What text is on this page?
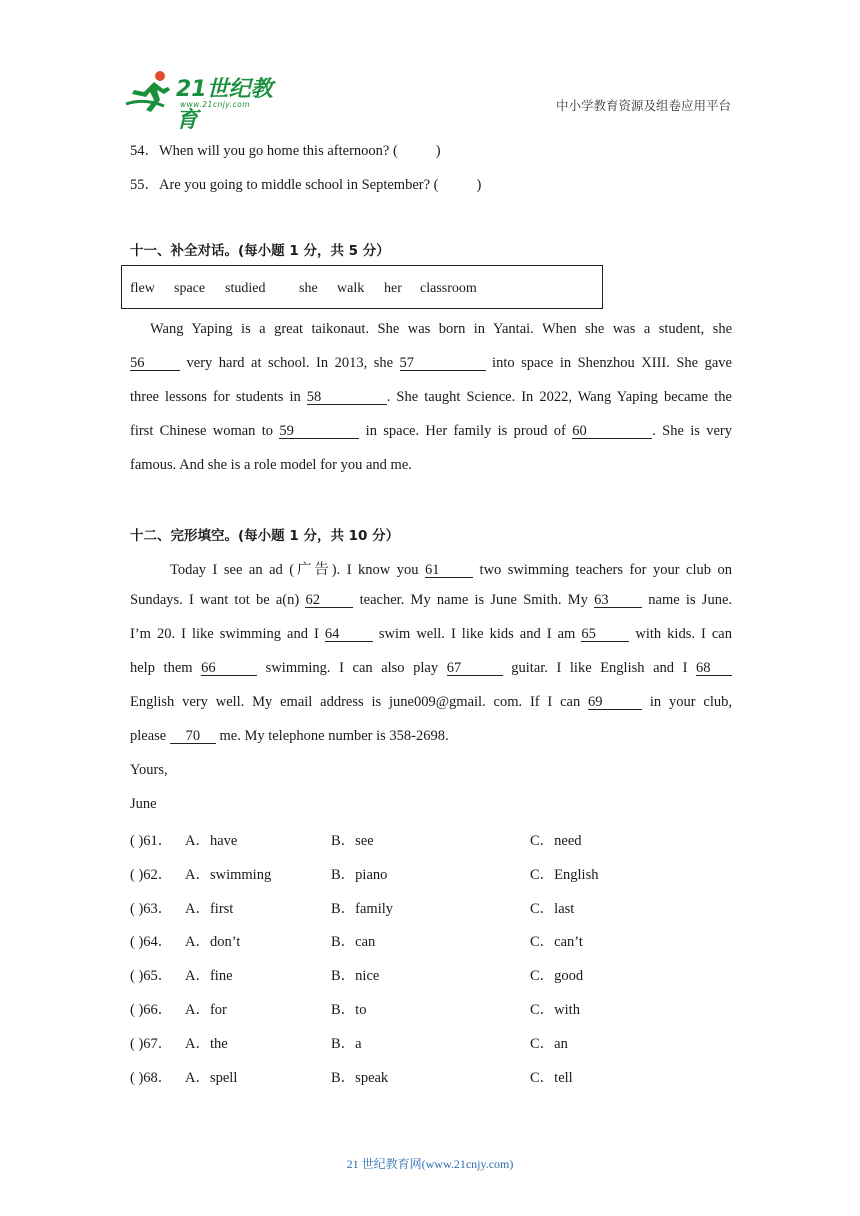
21世纪教育
www.21cnjy.com	中小学教育资源及组卷应用平台
54．When will you go home this afternoon? (	)
55．Are you going to middle school in September? (	)
十一、补全对话。(每小题 1 分，共 5 分）
flew space studied she walk her classroom
Wang Yaping is a great taikonaut. She was born in Yantai. When she was a student, she
56 very hard at school. In 2013, she 57	into space in Shenzhou XIII. She gave
three lessons for students in 58	. She taught Science. In 2022, Wang Yaping became the
first Chinese woman to 59	in space. Her family is proud of 60	. She is very
famous. And she is a role model for you and me.
十二、完形填空。(每小题 1 分，共 10 分）
Today I see an ad (广告). I know you 61 two swimming teachers for your club on
Sundays. I want tot be a(n) 62 teacher. My name is June Smith. My 63 name is June.
I’m 20. I like swimming and I 64 swim well. I like kids and I am 65 with kids. I can
help them 66	swimming. I can also play 67	guitar. I like English and I 68
English very well. My email address is june009@gmail. com. If I can 69	in your club,
please 70 me. My telephone number is 358-2698.
Yours,
June
( )61． A．have	B．see	C．need
( )62． A．swimming	B．piano	C．English
( )63． A．first	B．family	C．last
( )64． A．don’t	B．can	C．can’t
( )65． A．fine	B．nice	C．good
( )66． A．for	B．to	C．with
( )67． A．the	B．a	C．an
( )68． A．spell	B．speak	C．tell
21 世纪教育网(www.21cnjy.com)
